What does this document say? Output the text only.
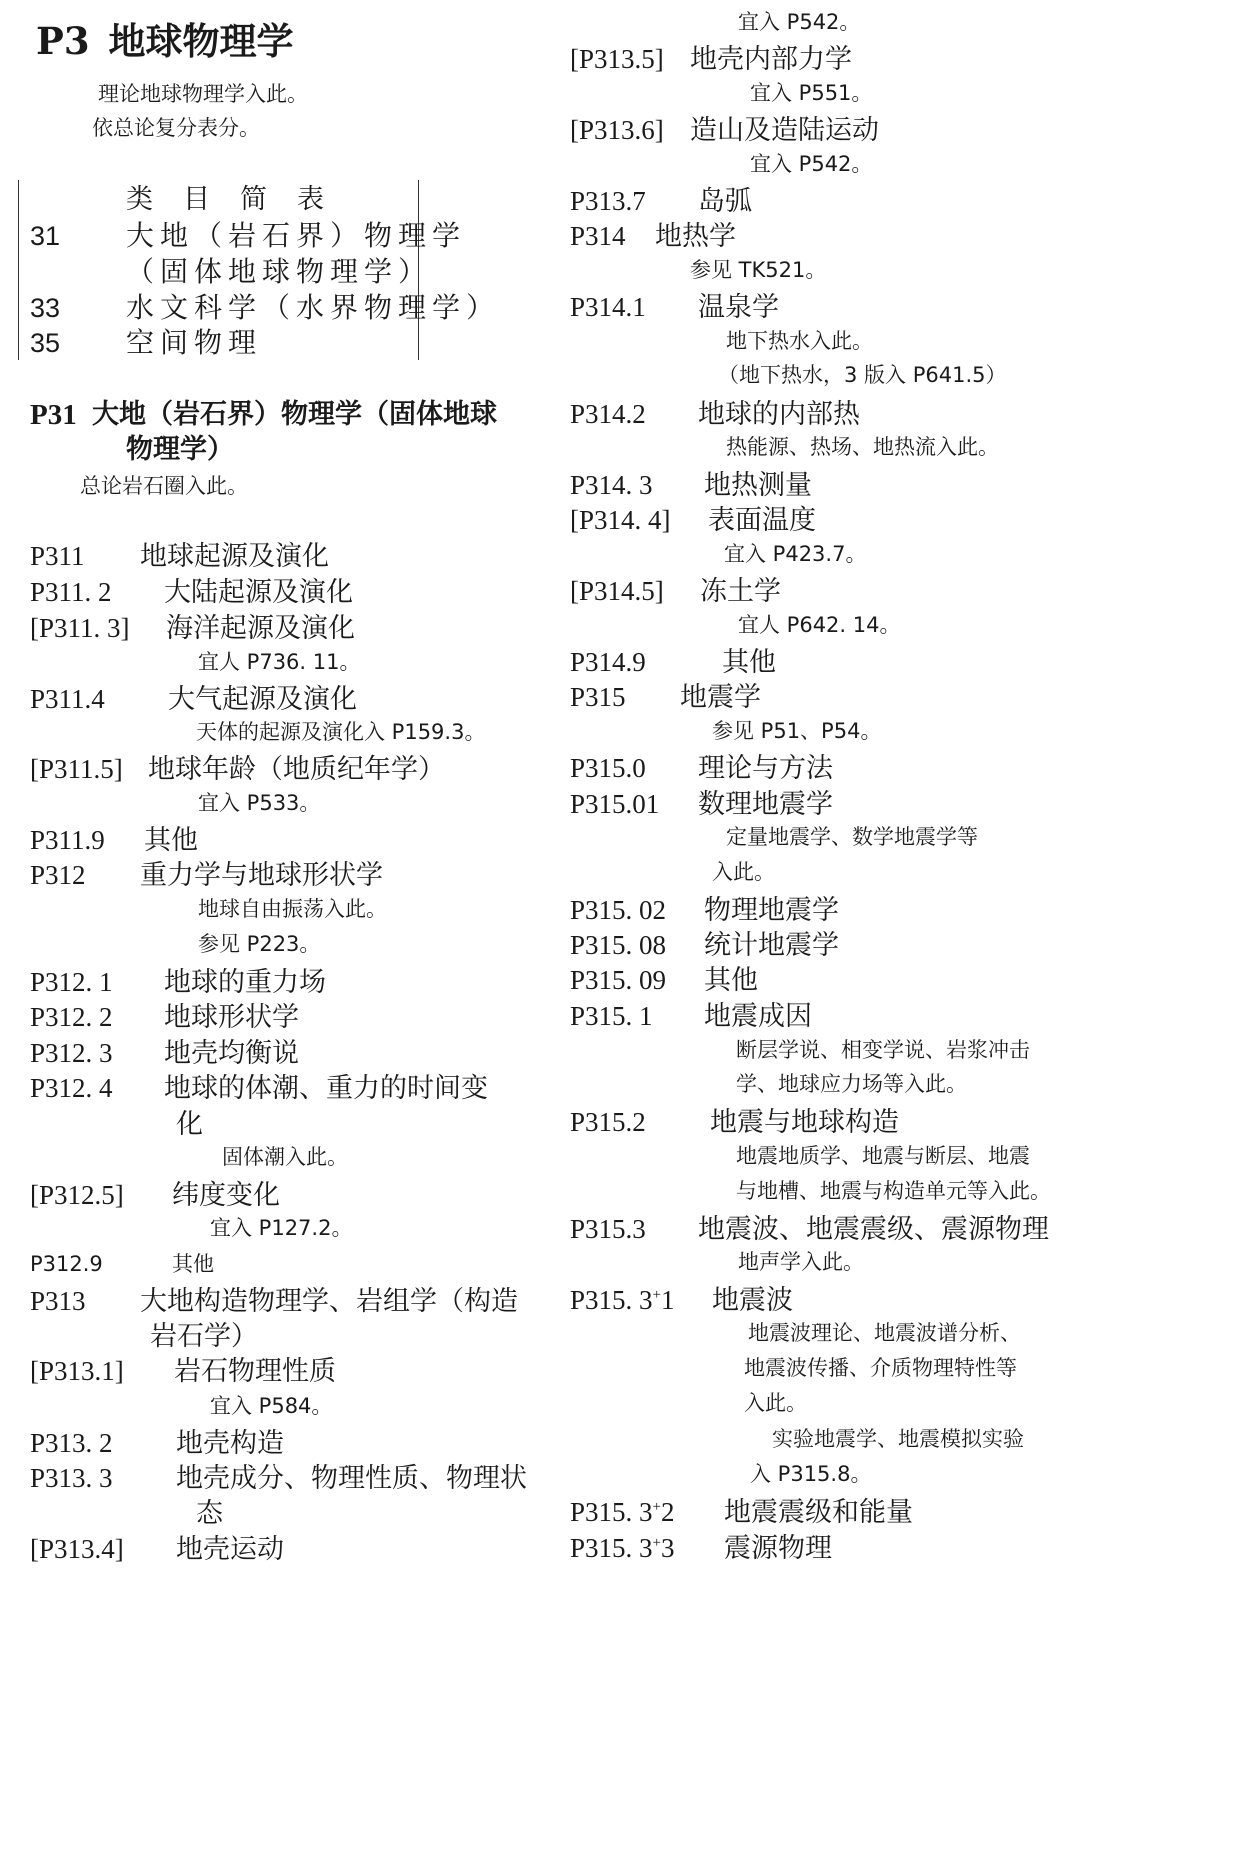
P3 地球物理学
理论地球物理学入此。
依总论复分表分。
类目简表
31 大地（岩石界）物理学
（固体地球物理学）
33 水文科学（水界物理学）
35 空间物理
P31 大地（岩石界）物理学（固体地球
物理学）
总论岩石圈入此。
P311 地球起源及演化
P311. 2 大陆起源及演化
[P311. 3] 海洋起源及演化
宜人 P736. 11。
P311.4 大气起源及演化
天体的起源及演化入 P159.3。
[P311.5] 地球年龄（地质纪年学）
宜入 P533。
P311.9 其他
P312 重力学与地球形状学
地球自由振荡入此。
参见 P223。
P312. 1 地球的重力场
P312. 2 地球形状学
P312. 3 地壳均衡说
P312. 4 地球的体潮、重力的时间变
化
固体潮入此。
[P312.5] 纬度变化
宜入 P127.2。
P312.9	其他
P313 大地构造物理学、岩组学（构造
岩石学）
[P313.1] 岩石物理性质
宜入 P584。
P313. 2 地壳构造
P313. 3 地壳成分、物理性质、物理状
态
[P313.4] 地壳运动
宜入 P542。
[P313.5] 地壳内部力学
宜入 P551。
[P313.6] 造山及造陆运动
宜入 P542。
P313.7 岛弧
P314 地热学
参见 TK521。
P314.1 温泉学
地下热水入此。
（地下热水，3 版入 P641.5）
P314.2 地球的内部热
热能源、热场、地热流入此。
P314. 3 地热测量
[P314. 4] 表面温度
宜入 P423.7。
[P314.5] 冻土学
宜人 P642. 14。
P314.9	其他
P315 地震学
参见 P51、P54。
P315.0 理论与方法
P315.01 数理地震学
定量地震学、数学地震学等
入此。
P315. 02 物理地震学
P315. 08 统计地震学
P315. 09 其他
P315. 1 地震成因
断层学说、相变学说、岩浆冲击
学、地球应力场等入此。
P315.2 地震与地球构造
地震地质学、地震与断层、地震
与地槽、地震与构造单元等入此。
P315.3 地震波、地震震级、震源物理
地声学入此。
P315. 3+1 地震波
地震波理论、地震波谱分析、
地震波传播、介质物理特性等
入此。
实验地震学、地震模拟实验
入 P315.8。
P315. 3+2 地震震级和能量
P315. 3+3 震源物理
